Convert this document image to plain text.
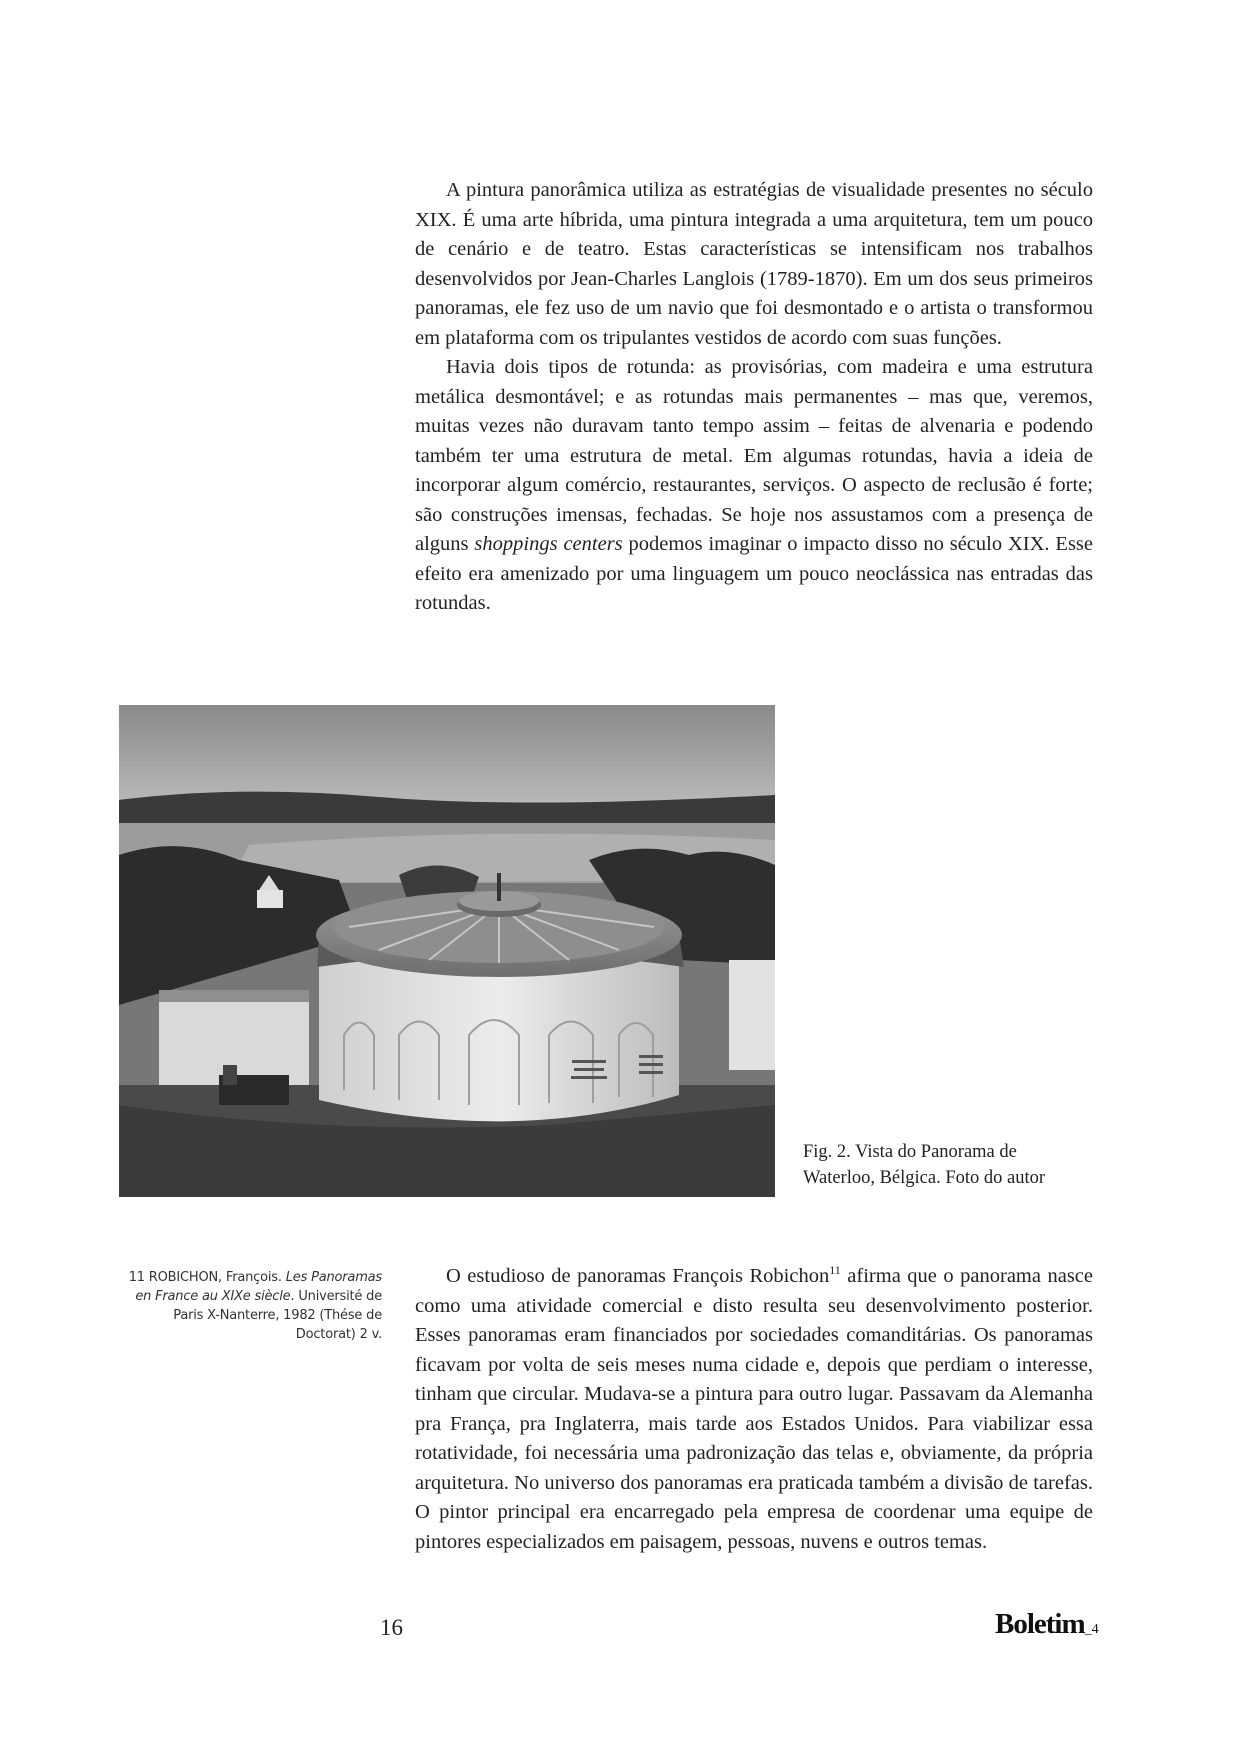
A pintura panorâmica utiliza as estratégias de visualidade presentes no século XIX. É uma arte híbrida, uma pintura integrada a uma arquitetura, tem um pouco de cenário e de teatro. Estas características se intensificam nos trabalhos desenvolvidos por Jean-Charles Langlois (1789-1870). Em um dos seus primeiros panoramas, ele fez uso de um navio que foi desmontado e o artista o transformou em plataforma com os tripulantes vestidos de acordo com suas funções.

Havia dois tipos de rotunda: as provisórias, com madeira e uma estrutura metálica desmontável; e as rotundas mais permanentes – mas que, veremos, muitas vezes não duravam tanto tempo assim – feitas de alvenaria e podendo também ter uma estrutura de metal. Em algumas rotundas, havia a ideia de incorporar algum comércio, restaurantes, serviços. O aspecto de reclusão é forte; são construções imensas, fechadas. Se hoje nos assustamos com a presença de alguns shoppings centers podemos imaginar o impacto disso no século XIX. Esse efeito era amenizado por uma linguagem um pouco neoclássica nas entradas das rotundas.

Fig. 2. Vista do Panorama de Waterloo, Bélgica. Foto do autor

11 ROBICHON, François. Les Panoramas en France au XIXe siècle. Université de Paris X-Nanterre, 1982 (Thése de Doctorat) 2 v.

O estudioso de panoramas François Robichon$^{11}$ afirma que o panorama nasce como uma atividade comercial e disto resulta seu desenvolvimento posterior. Esses panoramas eram financiados por sociedades comanditárias. Os panoramas ficavam por volta de seis meses numa cidade e, depois que perdiam o interesse, tinham que circular. Mudava-se a pintura para outro lugar. Passavam da Alemanha pra França, pra Inglaterra, mais tarde aos Estados Unidos. Para viabilizar essa rotatividade, foi necessária uma padronização das telas e, obviamente, da própria arquitetura. No universo dos panoramas era praticada também a divisão de tarefas. O pintor principal era encarregado pela empresa de coordenar uma equipe de pintores especializados em paisagem, pessoas, nuvens e outros temas.

16	Boletim_4
